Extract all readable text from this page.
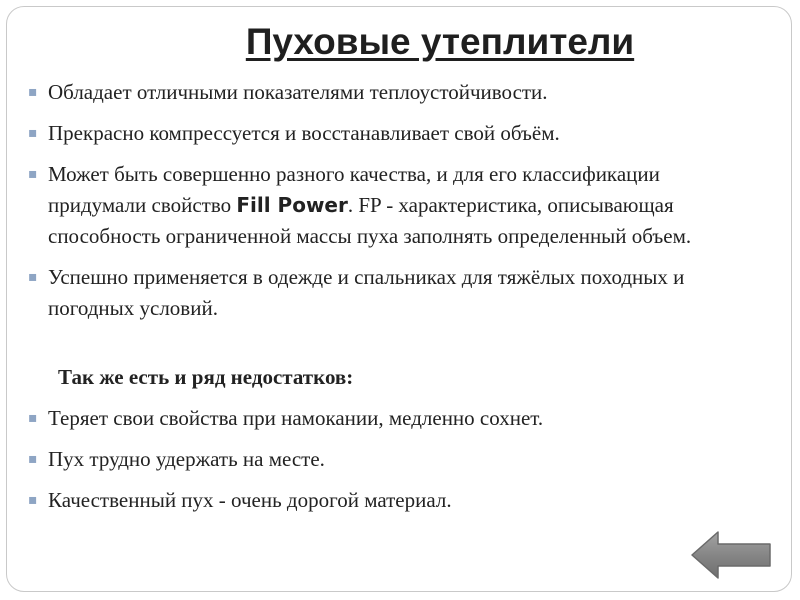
Пуховые утеплители
▪ Обладает отличными показателями теплоустойчивости.
▪ Прекрасно компрессуется и восстанавливает свой объём.
▪ Может быть совершенно разного качества, и для его классификации придумали свойство Fill Power. FP - характеристика, описывающая способность ограниченной массы пуха заполнять определенный объем.
▪ Успешно применяется в одежде и спальниках для тяжёлых походных и погодных условий.
Так же есть и ряд недостатков:
▪ Теряет свои свойства при намокании, медленно сохнет.
▪ Пух трудно удержать на месте.
▪ Качественный пух - очень дорогой материал.
